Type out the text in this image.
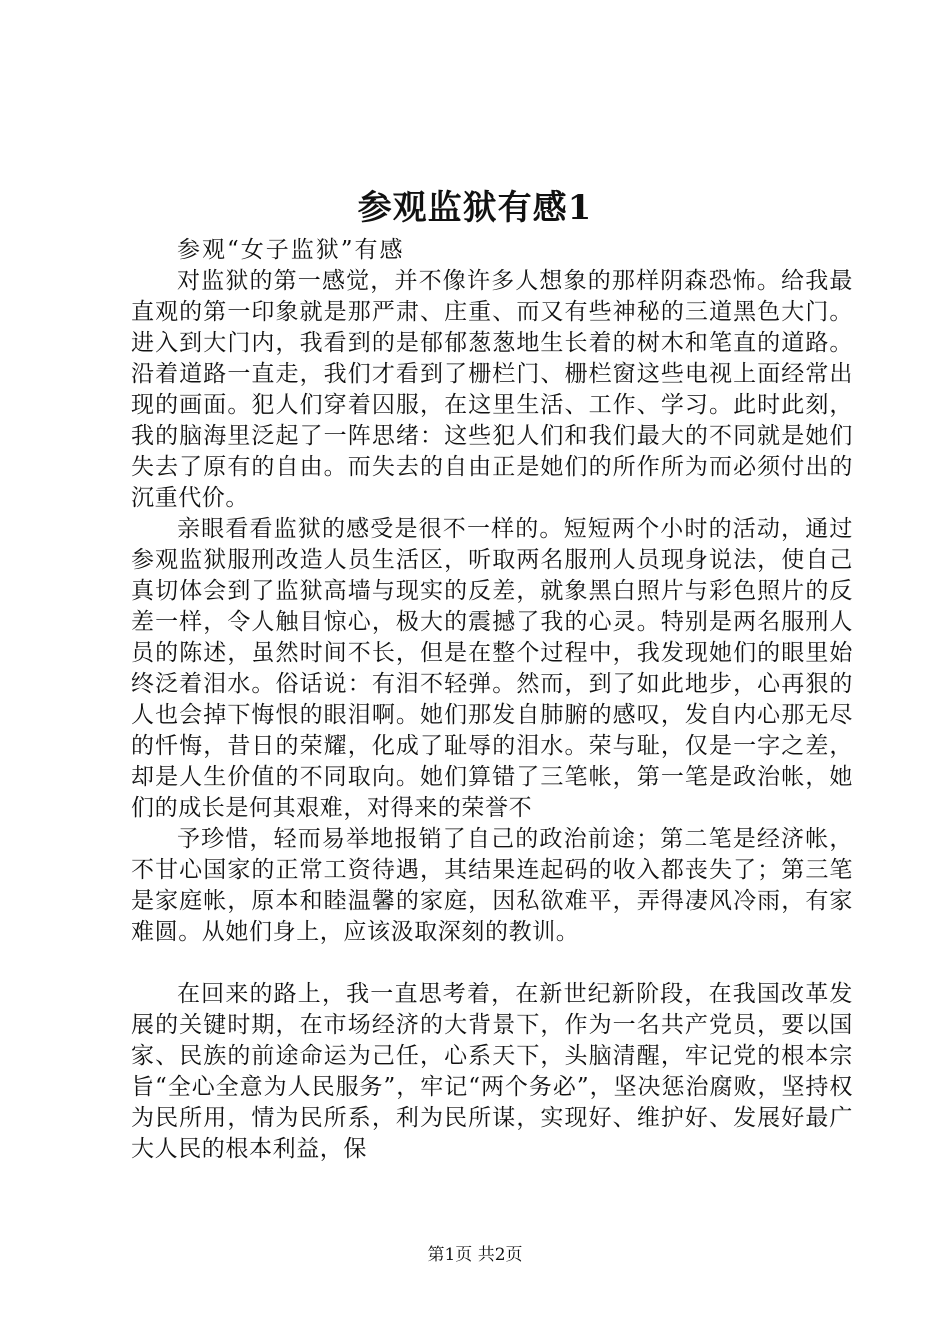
参观监狱有感1

参观“女子监狱”有感

对监狱的第一感觉，并不像许多人想象的那样阴森恐怖。给我最直观的第一印象就是那严肃、庄重、而又有些神秘的三道黑色大门。进入到大门内，我看到的是郁郁葱葱地生长着的树木和笔直的道路。沿着道路一直走，我们才看到了栅栏门、栅栏窗这些电视上面经常出现的画面。犯人们穿着囚服，在这里生活、工作、学习。此时此刻，我的脑海里泛起了一阵思绪：这些犯人们和我们最大的不同就是她们失去了原有的自由。而失去的自由正是她们的所作所为而必须付出的沉重代价。

亲眼看看监狱的感受是很不一样的。短短两个小时的活动，通过参观监狱服刑改造人员生活区，听取两名服刑人员现身说法，使自己真切体会到了监狱高墙与现实的反差，就象黑白照片与彩色照片的反差一样，令人触目惊心，极大的震撼了我的心灵。特别是两名服刑人员的陈述，虽然时间不长，但是在整个过程中，我发现她们的眼里始终泛着泪水。俗话说：有泪不轻弹。然而，到了如此地步，心再狠的人也会掉下悔恨的眼泪啊。她们那发自肺腑的感叹，发自内心那无尽的忏悔，昔日的荣耀，化成了耻辱的泪水。荣与耻，仅是一字之差，却是人生价值的不同取向。她们算错了三笔帐，第一笔是政治帐，她们的成长是何其艰难，对得来的荣誉不

予珍惜，轻而易举地报销了自己的政治前途；第二笔是经济帐，不甘心国家的正常工资待遇，其结果连起码的收入都丧失了；第三笔是家庭帐，原本和睦温馨的家庭，因私欲难平，弄得凄风冷雨，有家难圆。从她们身上，应该汲取深刻的教训。

在回来的路上，我一直思考着，在新世纪新阶段，在我国改革发展的关键时期，在市场经济的大背景下，作为一名共产党员，要以国家、民族的前途命运为己任，心系天下，头脑清醒，牢记党的根本宗旨“全心全意为人民服务”，牢记“两个务必”，坚决惩治腐败，坚持权为民所用，情为民所系，利为民所谋，实现好、维护好、发展好最广大人民的根本利益，保

第1页 共2页
